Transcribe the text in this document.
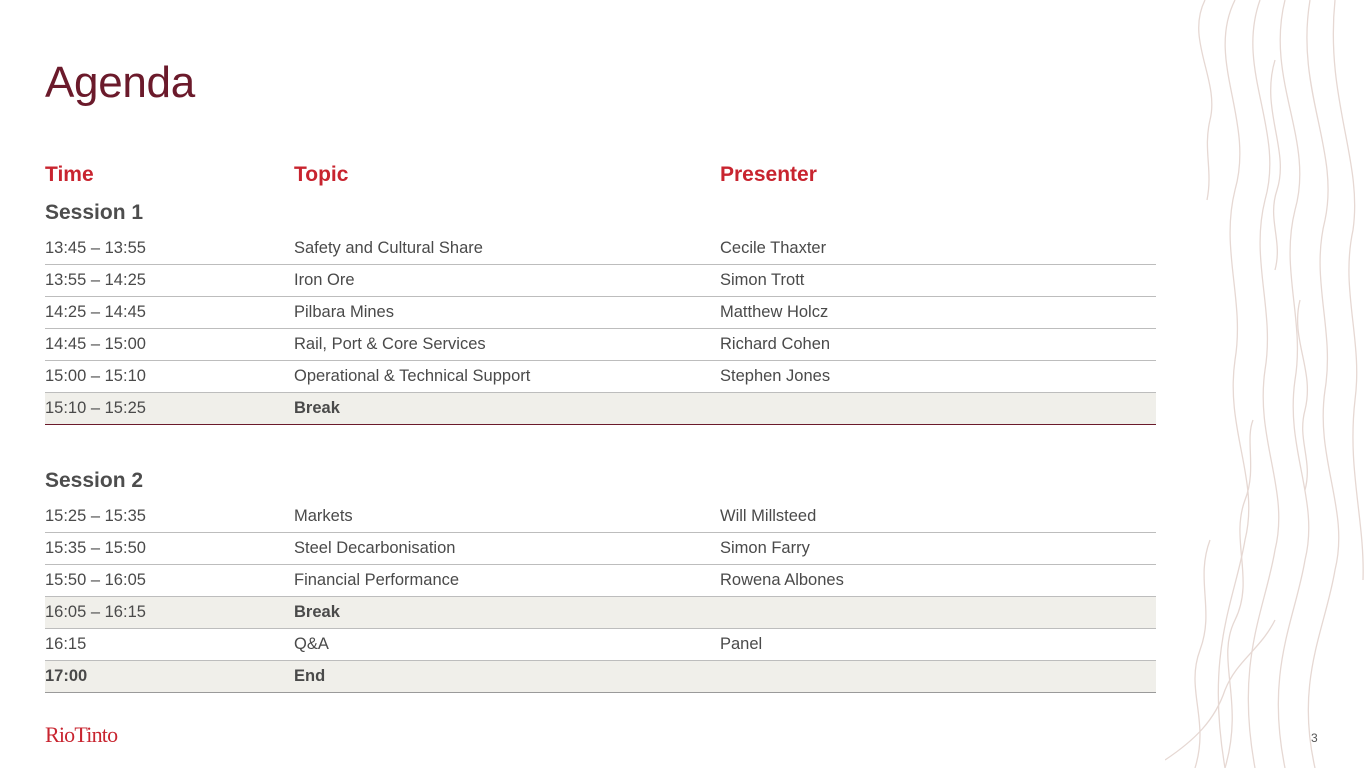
Agenda
Time	Topic	Presenter
Session 1
13:45 – 13:55	Safety and Cultural Share	Cecile Thaxter
13:55 – 14:25	Iron Ore	Simon Trott
14:25 – 14:45	Pilbara Mines	Matthew Holcz
14:45 – 15:00	Rail, Port & Core Services	Richard Cohen
15:00 – 15:10	Operational & Technical Support	Stephen Jones
15:10 – 15:25	Break
Session 2
15:25 – 15:35	Markets	Will Millsteed
15:35 – 15:50	Steel Decarbonisation	Simon Farry
15:50 – 16:05	Financial Performance	Rowena Albones
16:05 – 16:15	Break
16:15	Q&A	Panel
17:00	End
RioTinto	3
